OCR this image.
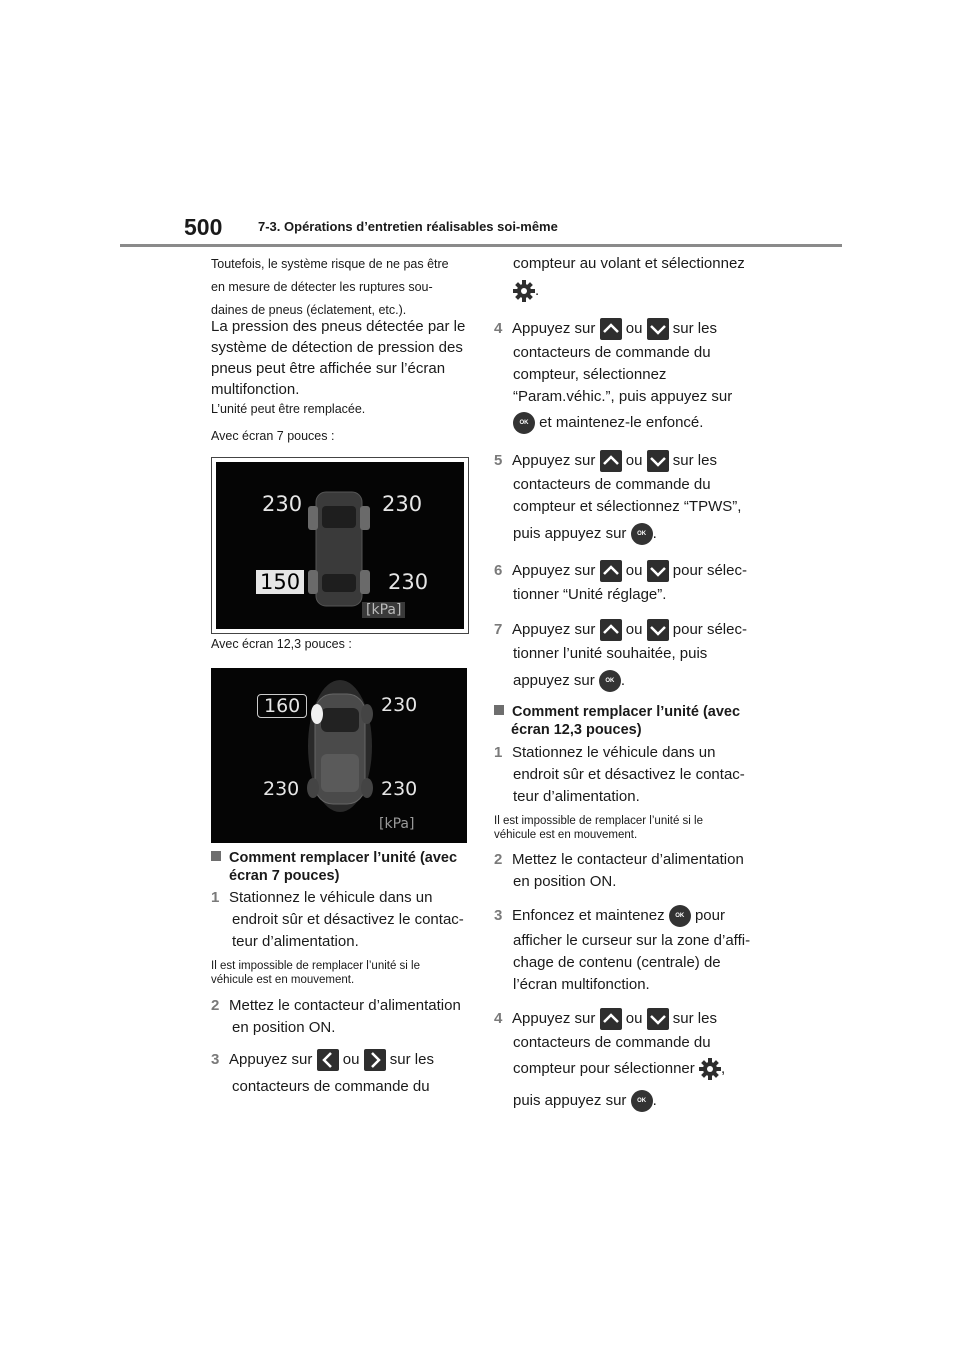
500	7-3. Opérations d’entretien réalisables soi-même
Toutefois, le système risque de ne pas être
en mesure de détecter les ruptures sou-
daines de pneus (éclatement, etc.).
La pression des pneus détectée par le
système de détection de pression des
pneus peut être affichée sur l’écran
multifonction.
L’unité peut être remplacée.
Avec écran 7 pouces :
230	230
150	230
[kPa]
Avec écran 12,3 pouces :
160	230
230	230
[kPa]
Comment remplacer l’unité (avec
écran 7 pouces)
1 Stationnez le véhicule dans un
endroit sûr et désactivez le contac-
teur d’alimentation.
Il est impossible de remplacer l’unité si le
véhicule est en mouvement.
2 Mettez le contacteur d’alimentation
en position ON.
3 Appuyez sur ou sur les
contacteurs de commande du
compteur au volant et sélectionnez
.
4 Appuyez sur ou sur les
contacteurs de commande du
compteur, sélectionnez
“Param.véhic.”, puis appuyez sur
OK et maintenez-le enfoncé.
5 Appuyez sur ou sur les
contacteurs de commande du
compteur et sélectionnez “TPWS”,
puis appuyez sur OK .
6 Appuyez sur ou pour sélec-
tionner “Unité réglage”.
7 Appuyez sur ou pour sélec-
tionner l’unité souhaitée, puis
appuyez sur OK .
Comment remplacer l’unité (avec
écran 12,3 pouces)
1 Stationnez le véhicule dans un
endroit sûr et désactivez le contac-
teur d’alimentation.
Il est impossible de remplacer l’unité si le
véhicule est en mouvement.
2 Mettez le contacteur d’alimentation
en position ON.
3 Enfoncez et maintenez OK pour
afficher le curseur sur la zone d’affi-
chage de contenu (centrale) de
l’écran multifonction.
4 Appuyez sur ou sur les
contacteurs de commande du
compteur pour sélectionner ,
puis appuyez sur OK .
